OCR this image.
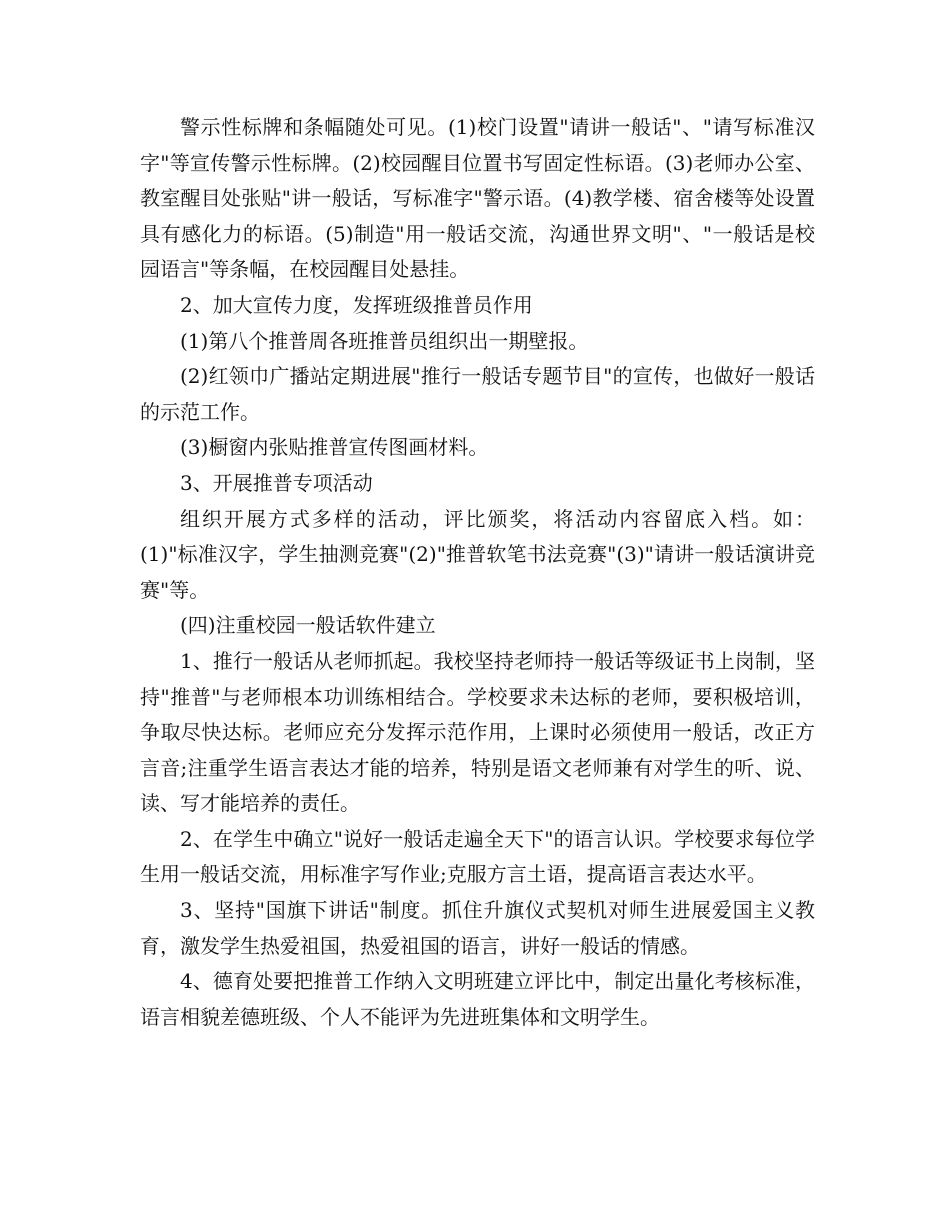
警示性标牌和条幅随处可见。(1)校门设置"请讲一般话"、"请写标准汉字"等宣传警示性标牌。(2)校园醒目位置书写固定性标语。(3)老师办公室、教室醒目处张贴"讲一般话，写标准字"警示语。(4)教学楼、宿舍楼等处设置具有感化力的标语。(5)制造"用一般话交流，沟通世界文明"、"一般话是校园语言"等条幅，在校园醒目处悬挂。

2、加大宣传力度，发挥班级推普员作用

(1)第八个推普周各班推普员组织出一期壁报。

(2)红领巾广播站定期进展"推行一般话专题节目"的宣传，也做好一般话的示范工作。

(3)橱窗内张贴推普宣传图画材料。

3、开展推普专项活动

组织开展方式多样的活动，评比颁奖，将活动内容留底入档。如：(1)"标准汉字，学生抽测竞赛"(2)"推普软笔书法竞赛"(3)"请讲一般话演讲竞赛"等。

(四)注重校园一般话软件建立

1、推行一般话从老师抓起。我校坚持老师持一般话等级证书上岗制，坚持"推普"与老师根本功训练相结合。学校要求未达标的老师，要积极培训，争取尽快达标。老师应充分发挥示范作用，上课时必须使用一般话，改正方言音;注重学生语言表达才能的培养，特别是语文老师兼有对学生的听、说、读、写才能培养的责任。

2、在学生中确立"说好一般话走遍全天下"的语言认识。学校要求每位学生用一般话交流，用标准字写作业;克服方言土语，提高语言表达水平。

3、坚持"国旗下讲话"制度。抓住升旗仪式契机对师生进展爱国主义教育，激发学生热爱祖国，热爱祖国的语言，讲好一般话的情感。

4、德育处要把推普工作纳入文明班建立评比中，制定出量化考核标准，语言相貌差德班级、个人不能评为先进班集体和文明学生。
